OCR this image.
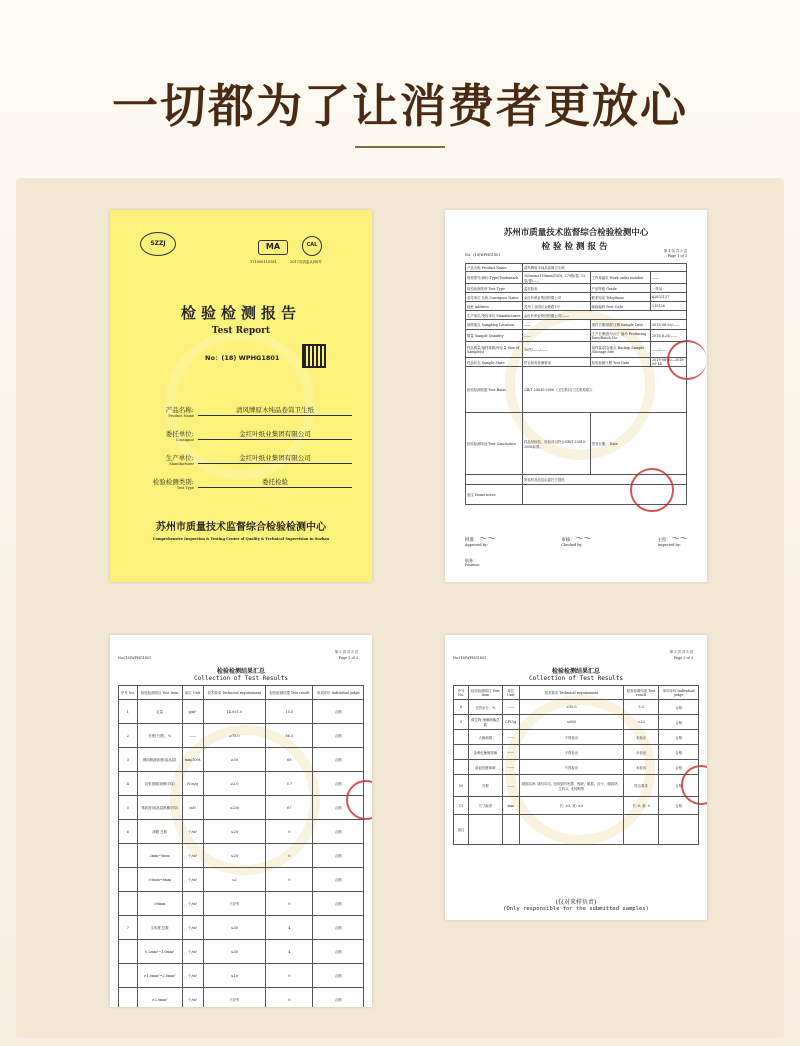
一切都为了让消费者更放心
SZZJ	MA	CAL
171000110181	2017苏质监认(B)号
检验检测报告
Test Report
No：(18) WPHG1801
产品名称:
Product Name
清风牌原木纯品卷筒卫生纸
委托单位:
Consignor
金红叶纸业集团有限公司
生产单位:
Manufacturer
金红叶纸业集团有限公司
检验检测类别:
Test Type
委托检验
苏州市质量技术监督综合检验检测中心
Comprehensive Inspection & Testing Center of Quality & Technical Supervision in Suzhou
苏州市质量技术监督综合检验检测中心
检验检测报告
No：(18)WPHG1801
第 1 页 共 3 页
Page 1 of 3
产品名称 Product Name	清风牌原木纯品卷筒卫生纸		
规格型号/商标 Type/Trademark	100mm×110mm(15D), 270格/卷, 12卷/提/——	工作单编号 Work order number	——
检验检测类别 Test Type	委托检验	产品等级 Grade	一等品
委托单位 名称 Consignor Name	金红叶纸业集团有限公司	联系电话 Telephone	62832137
地址 Address	苏州工业园区金胜路1号	邮政编码 Post Code	215126
生产单位/受检单位 Manufacturer	金红叶纸业集团有限公司/——		
抽样地点 Sampling Location	——	抽样日期/抽样日期 Sample Date	2018-08-29/——
数量 Sample Quantity	——	生产日期/批号/出厂编号 Producing Date/Batch No.	2018.8.25/——
样品数量/抽样基数/库存量 Size of Sample(s)	10件/——/——	备样量/封存地点 Backup Sample /Storage Site	——/——
样品状态 Sample State	符合检验检测要求	检验检测日期 Test Date	2018-08-30—2018-09-14
检验检测依据 Test Basis	GB/T 20810-2006《卫生纸(含卫生纸原纸)》		
检验检测结论 Test Conclusion	样品经检验，所检项目符合GB/T 20810-2006标准。	签发日期： Date	
	所检样品信息由委托方提供		
备注 Home notes			
批准：～～
Approved by:
审核：～～
Checked by:
主检：～～
Inspected by:
职务：
Position:
No:(18)WPHG1801
第 2 页 共 3 页
Page 2 of 3
检验检测结果汇总
Collection of Test Results
序号 No.	检验检测项目 Test Item	单位 Unit	技术要求 Technical requirement	检验检测结果 Test result	单项评价 Individual judge
1	定量	g/m²	14.0±1.0	15.5	合格
2	亮度(白度)，%	——	≥75.0	86.3	合格
3	横向吸液高度(成品层)	mm/100s	≥30	68	合格
4	抗张指数(纵横平均)	N·m/g	≥2.0	5.7	合格
5	柔软度(成品层纵横平均)	mN	≤250	67	合格
6	洞眼 总数	个/m²	≤20	0	合格
	2mm~5mm	个/m²	≤20	0	合格
	>5mm~8mm	个/m²	≤2	0	合格
	>8mm	个/m²	不应有	0	合格
7	尘埃度 总数	个/m²	≤30	4	合格
	0.2mm²~1.0mm²	个/m²	≤30	4	合格
	>1.0mm²~2.0mm²	个/m²	≤10	0	合格
	>2.0mm²	个/m²	不应有	0	合格
No:(18)WPHG1801
第 3 页 共 3 页
Page 3 of 3
检验检测结果汇总
Collection of Test Results
序号 No.	检验检测项目 Test Item	单位 Unit	技术要求 Technical requirement	检验检测结果 Test result	单项评价 Individual judge
8	交货水分，%	——	≤10.0	5.3	合格
9	微生物 细菌菌落总数	CFU/g	≤600	<20	合格
	大肠菌群	——	不得检出	未检出	合格
	金黄色葡萄球菌	——	不得检出	未检出	合格
	溶血性链球菌	——	不得检出	未检出	合格
10	外观	——	纸面洁净, 皱纹均匀, 无明显的死褶、残缺、破损、沙子、硬质块、生料头, 无掉粉等	符合要求	合格
11	尺寸偏差	mm	长: ±3, 宽: ±3	长: 0, 宽: 0	合格
备注					
(仅对来样负责)
(Only responsible for the submitted samples)
